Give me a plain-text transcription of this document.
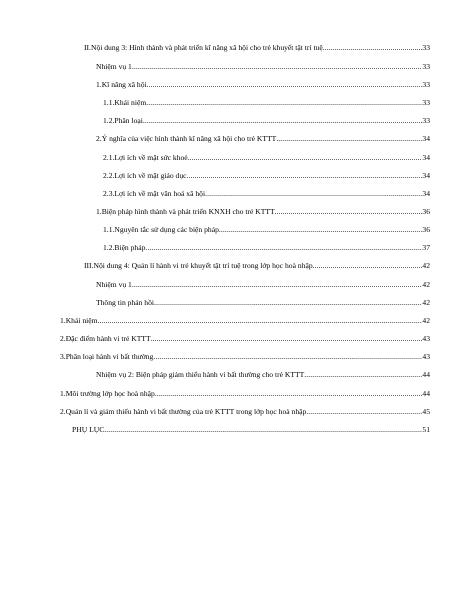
II.Nội dung 3: Hình thành và phát triển kĩ năng xã hội cho trẻ khuyết tật trí tuệ .....	33
Nhiệm vụ 1 .....	33
1.Kĩ năng xã hội .....	33
1.1.Khái niệm .....	33
1.2.Phân loại .....	33
2.Ý nghĩa của việc hình thành kĩ năng xã hội cho trẻ KTTT .....	34
2.1.Lợi ích về mặt sức khoẻ .....	34
2.2.Lợi ích về mặt giáo dục .....	34
2.3.Lợi ích về mặt văn hoá xã hội .....	34
1.Biện pháp hình thành và phát triển KNXH cho trẻ KTTT .....	36
1.1.Nguyên tắc sử dụng các biện pháp .....	36
1.2.Biện pháp .....	37
III.Nội dung 4: Quản lí hành vi trẻ khuyết tật trí tuệ trong lớp học hoà nhập .....	42
Nhiệm vụ 1 .....	42
Thông tin phản hồi .....	42
1.Khái niệm .....	42
2.Đặc điểm hành vi trẻ KTTT .....	43
3.Phân loại hành vi bất thường .....	43
Nhiệm vụ 2: Biện pháp giảm thiểu hành vi bất thường cho trẻ KTTT .....	44
1.Môi trường lớp học hoà nhập .....	44
2.Quản lí và giảm thiểu hành vi bất thường của trẻ KTTT trong lớp học hoà nhập .....	45
PHỤ LỤC .....	51
